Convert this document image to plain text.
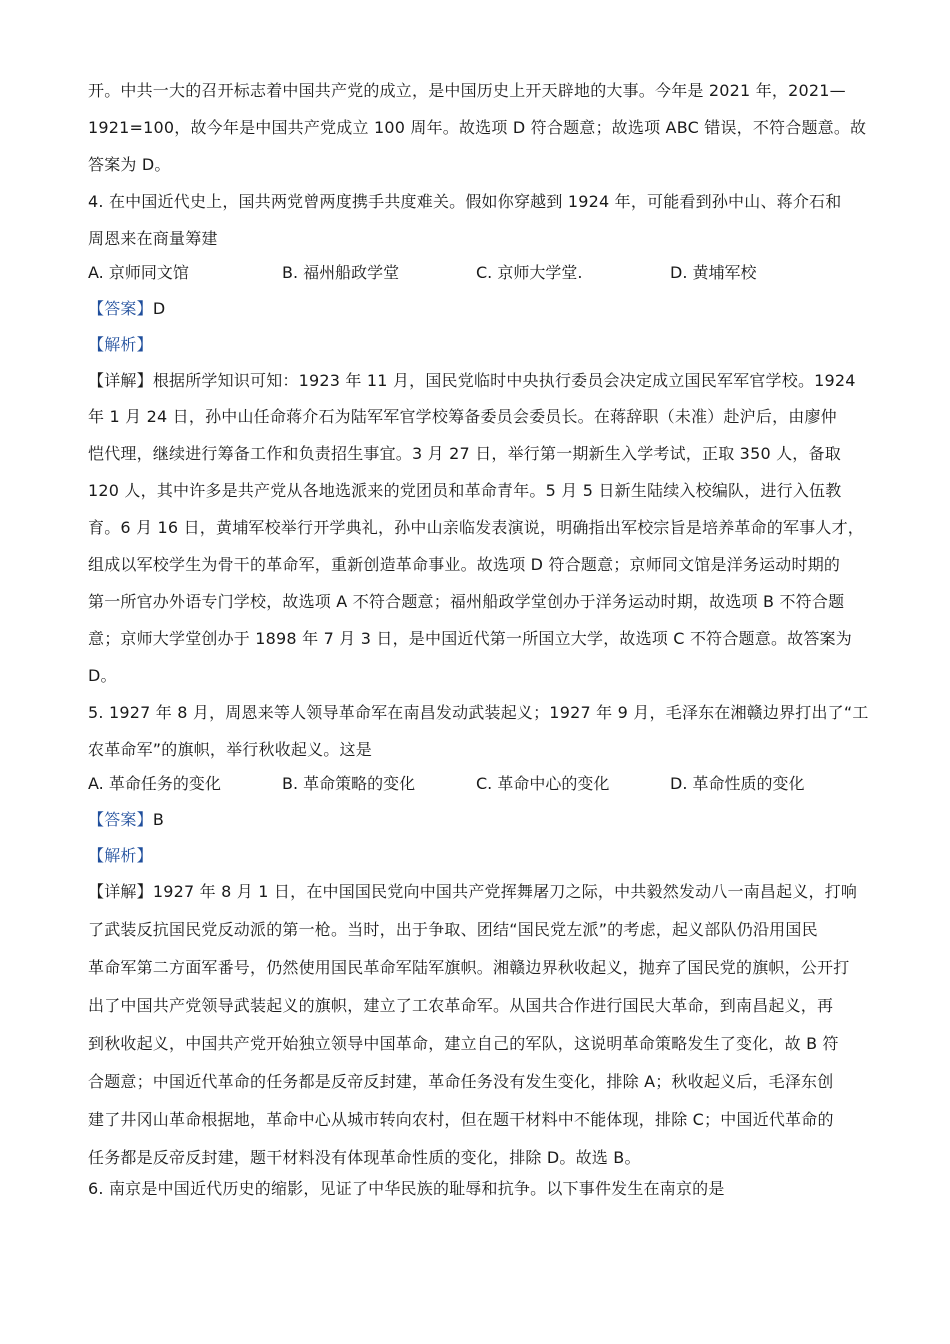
开。中共一大的召开标志着中国共产党的成立，是中国历史上开天辟地的大事。今年是 2021 年，2021—
1921=100，故今年是中国共产党成立 100 周年。故选项 D 符合题意；故选项 ABC 错误，不符合题意。故
答案为 D。
4. 在中国近代史上，国共两党曾两度携手共度难关。假如你穿越到 1924 年，可能看到孙中山、蒋介石和
周恩来在商量筹建
A. 京师同文馆	B. 福州船政学堂	C. 京师大学堂.	D. 黄埔军校
【答案】D
【解析】
【详解】根据所学知识可知：1923 年 11 月，国民党临时中央执行委员会决定成立国民军军官学校。1924
年 1 月 24 日，孙中山任命蒋介石为陆军军官学校筹备委员会委员长。在蒋辞职（未准）赴沪后，由廖仲
恺代理，继续进行筹备工作和负责招生事宜。3 月 27 日，举行第一期新生入学考试，正取 350 人，备取
120 人，其中许多是共产党从各地选派来的党团员和革命青年。5 月 5 日新生陆续入校编队，进行入伍教
育。6 月 16 日，黄埔军校举行开学典礼，孙中山亲临发表演说，明确指出军校宗旨是培养革命的军事人才，
组成以军校学生为骨干的革命军，重新创造革命事业。故选项 D 符合题意；京师同文馆是洋务运动时期的
第一所官办外语专门学校，故选项 A 不符合题意；福州船政学堂创办于洋务运动时期，故选项 B 不符合题
意；京师大学堂创办于 1898 年 7 月 3 日，是中国近代第一所国立大学，故选项 C 不符合题意。故答案为
D。
5. 1927 年 8 月，周恩来等人领导革命军在南昌发动武装起义；1927 年 9 月，毛泽东在湘赣边界打出了“工
农革命军”的旗帜，举行秋收起义。这是
A. 革命任务的变化	B. 革命策略的变化	C. 革命中心的变化	D. 革命性质的变化
【答案】B
【解析】
【详解】1927 年 8 月 1 日，在中国国民党向中国共产党挥舞屠刀之际，中共毅然发动八一南昌起义，打响
了武装反抗国民党反动派的第一枪。当时，出于争取、团结“国民党左派”的考虑，起义部队仍沿用国民
革命军第二方面军番号，仍然使用国民革命军陆军旗帜。湘赣边界秋收起义，抛弃了国民党的旗帜，公开打
出了中国共产党领导武装起义的旗帜，建立了工农革命军。从国共合作进行国民大革命，到南昌起义，再
到秋收起义，中国共产党开始独立领导中国革命，建立自己的军队，这说明革命策略发生了变化，故 B 符
合题意；中国近代革命的任务都是反帝反封建，革命任务没有发生变化，排除 A；秋收起义后，毛泽东创
建了井冈山革命根据地，革命中心从城市转向农村，但在题干材料中不能体现，排除 C；中国近代革命的
任务都是反帝反封建，题干材料没有体现革命性质的变化，排除 D。故选 B。
6. 南京是中国近代历史的缩影，见证了中华民族的耻辱和抗争。以下事件发生在南京的是
